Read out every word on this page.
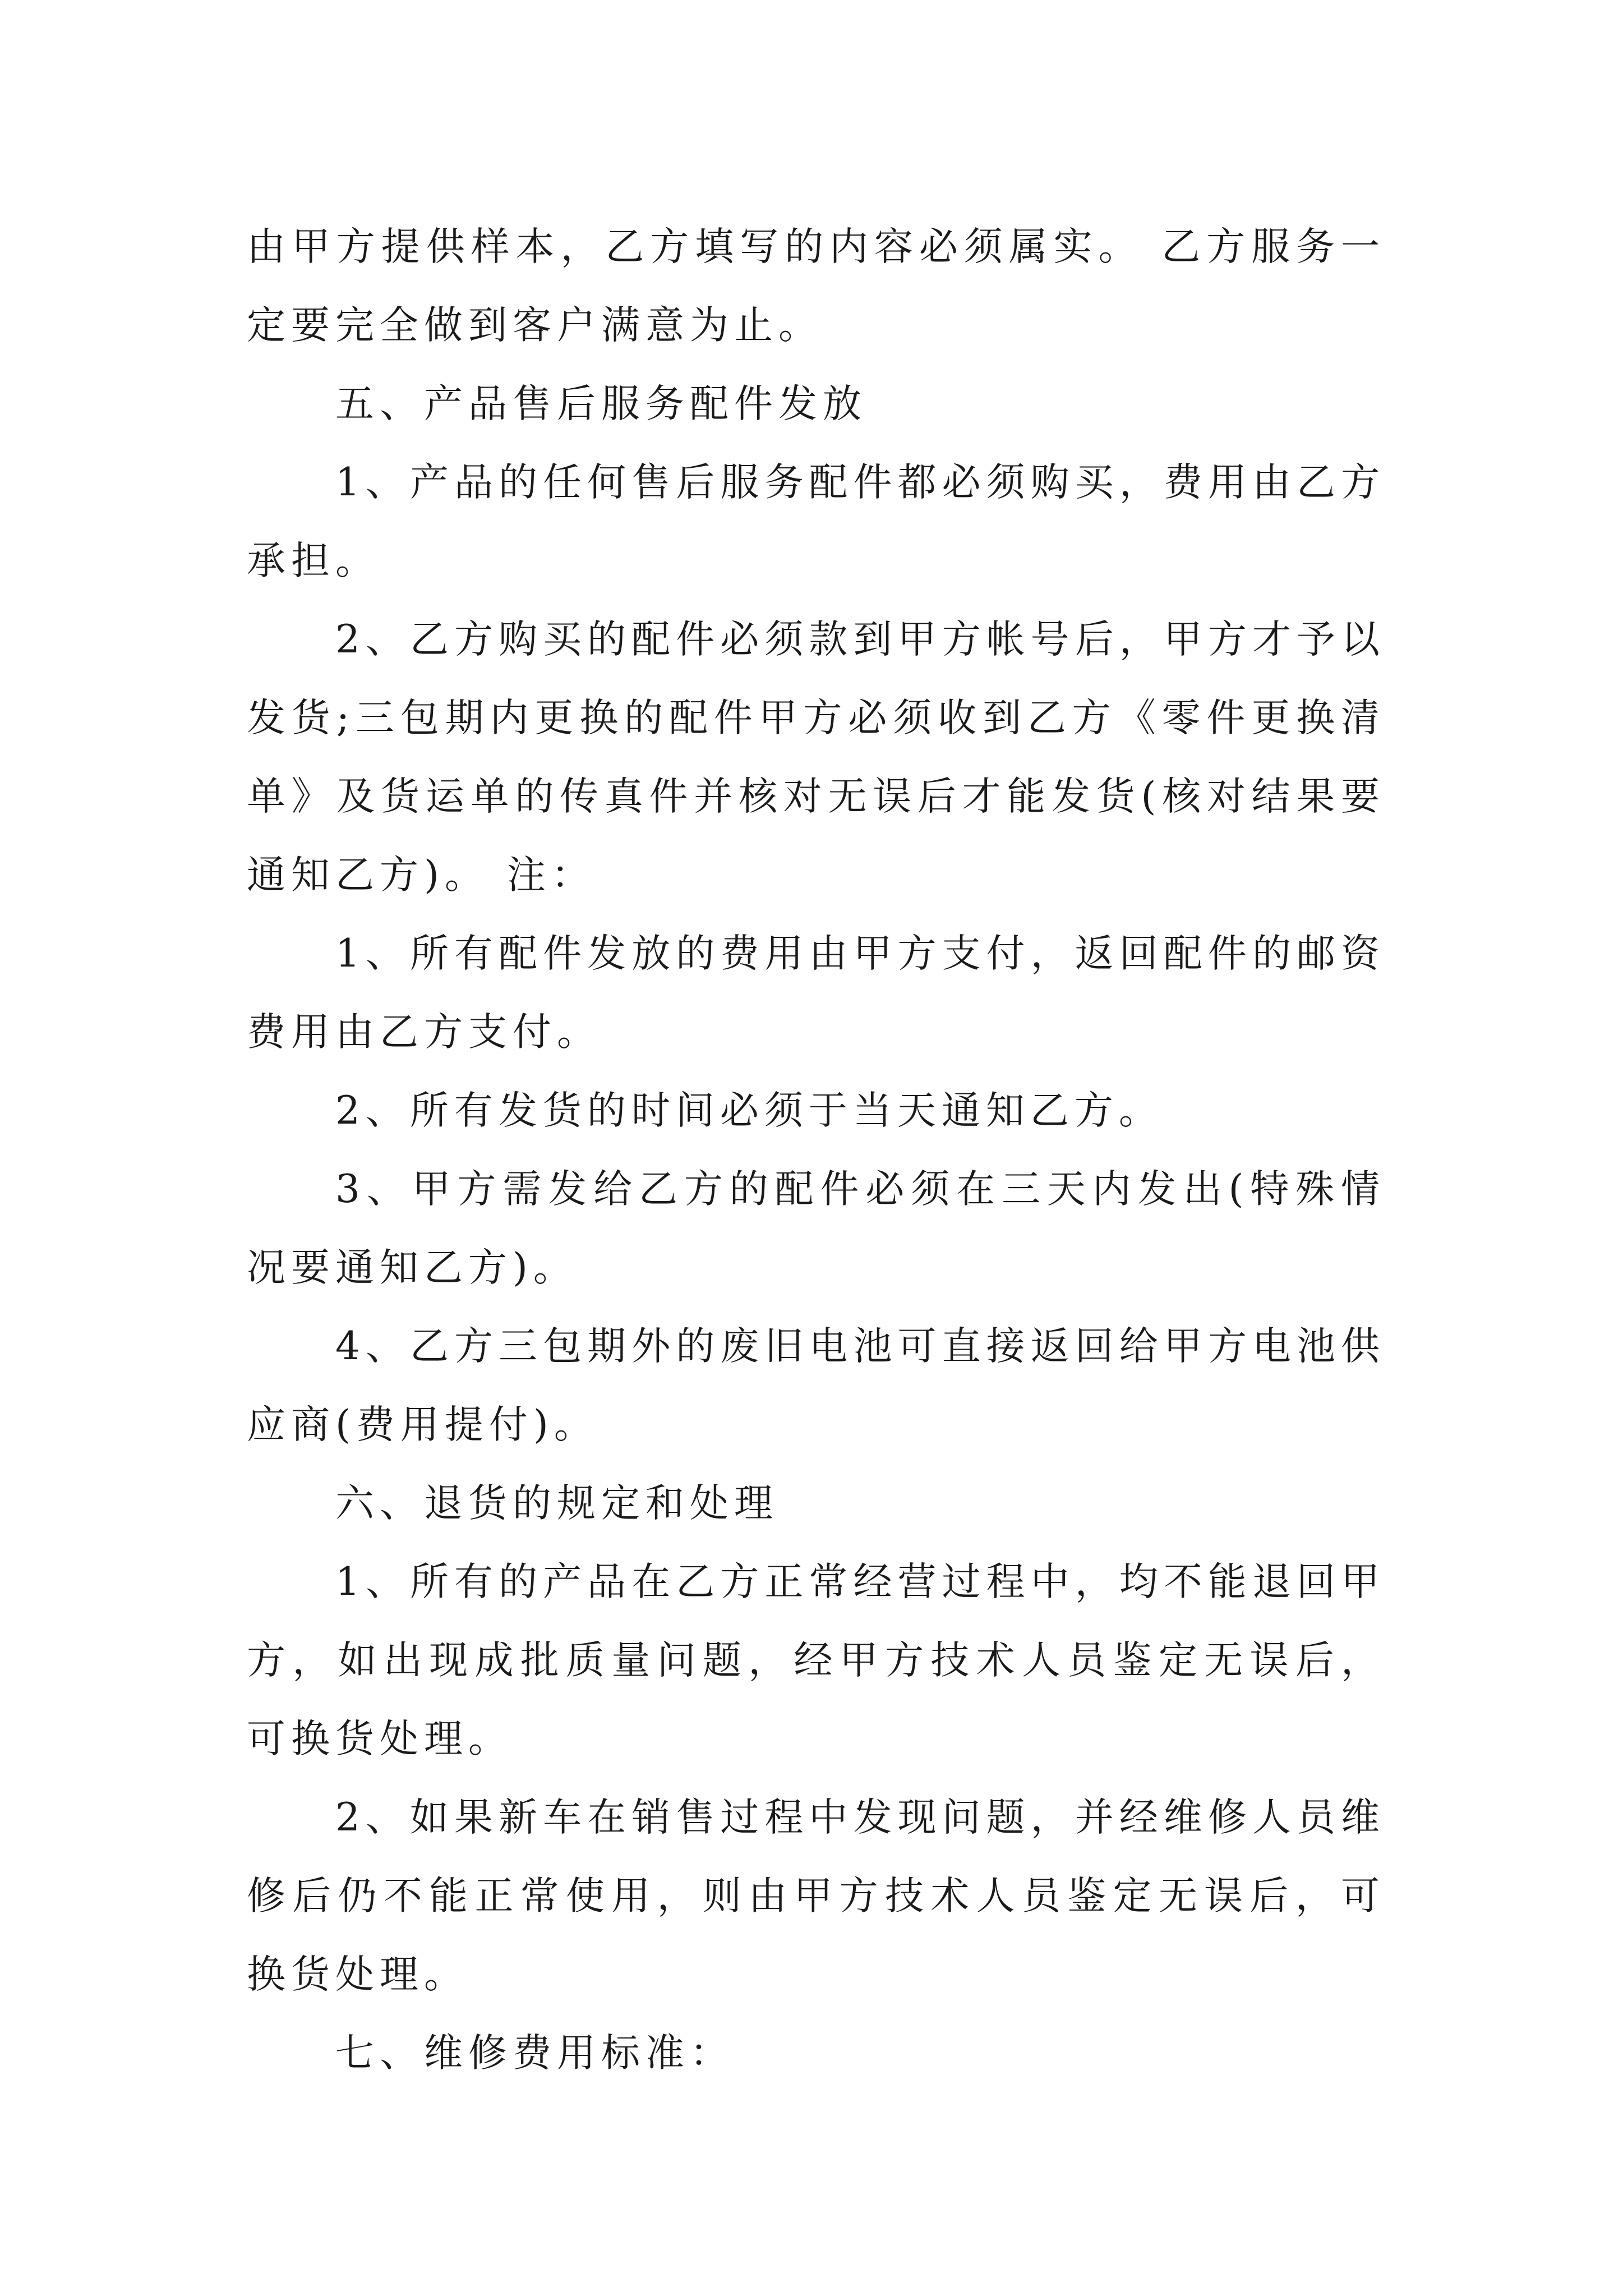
由甲方提供样本，乙方填写的内容必须属实。 乙方服务一定要完全做到客户满意为止。

五、产品售后服务配件发放

1、产品的任何售后服务配件都必须购买，费用由乙方承担。

2、乙方购买的配件必须款到甲方帐号后，甲方才予以发货;三包期内更换的配件甲方必须收到乙方《零件更换清单》及货运单的传真件并核对无误后才能发货(核对结果要通知乙方)。 注：

1、所有配件发放的费用由甲方支付，返回配件的邮资费用由乙方支付。

2、所有发货的时间必须于当天通知乙方。

3、甲方需发给乙方的配件必须在三天内发出(特殊情况要通知乙方)。

4、乙方三包期外的废旧电池可直接返回给甲方电池供应商(费用提付)。

六、退货的规定和处理

1、所有的产品在乙方正常经营过程中，均不能退回甲方，如出现成批质量问题，经甲方技术人员鉴定无误后，可换货处理。

2、如果新车在销售过程中发现问题，并经维修人员维修后仍不能正常使用，则由甲方技术人员鉴定无误后，可换货处理。

七、维修费用标准：
